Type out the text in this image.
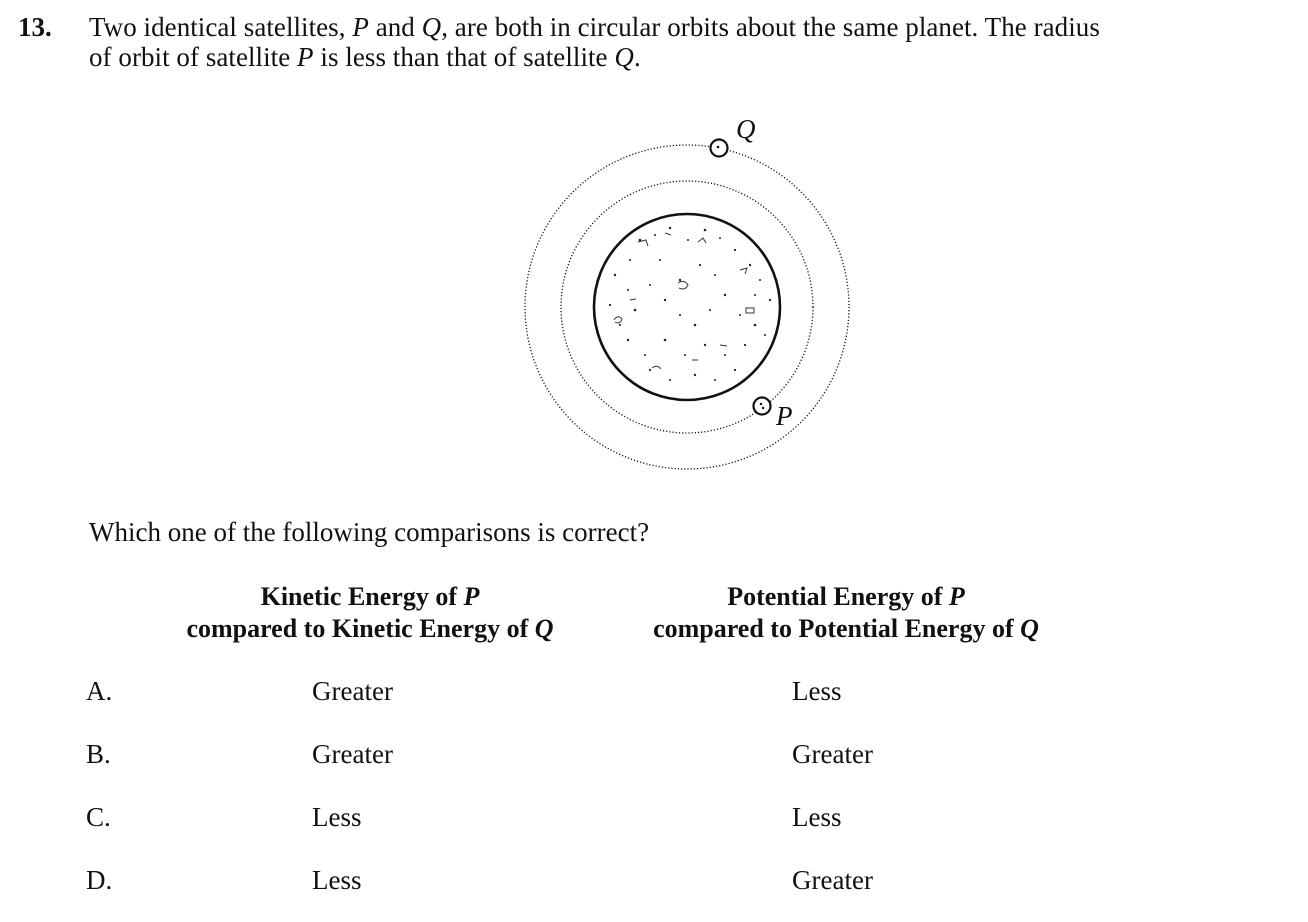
13. Two identical satellites, P and Q, are both in circular orbits about the same planet. The radius
of orbit of satellite P is less than that of satellite Q.
Q
P
Which one of the following comparisons is correct?
Kinetic Energy of P
compared to Kinetic Energy of Q
Potential Energy of P
compared to Potential Energy of Q
A.	Greater	Less
B.	Greater	Greater
C.	Less	Less
D.	Less	Greater
